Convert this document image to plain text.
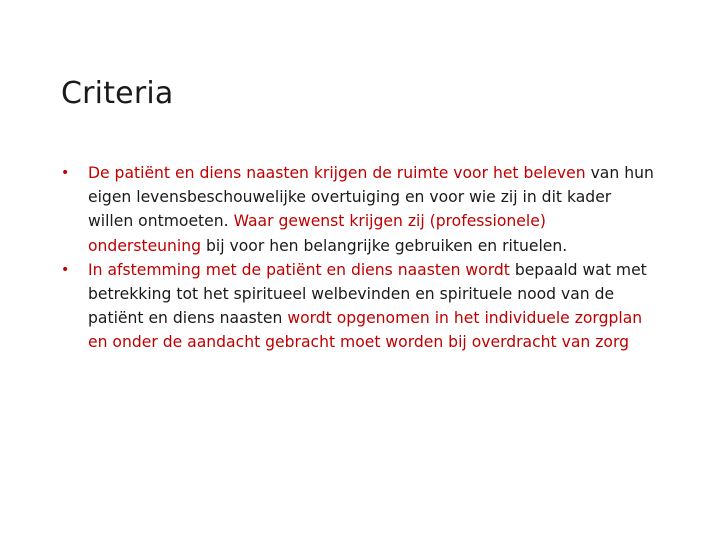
Criteria
• De patiënt en diens naasten krijgen de ruimte voor het beleven van hun eigen levensbeschouwelijke overtuiging en voor wie zij in dit kader willen ontmoeten. Waar gewenst krijgen zij (professionele) ondersteuning bij voor hen belangrijke gebruiken en rituelen.
• In afstemming met de patiënt en diens naasten wordt bepaald wat met betrekking tot het spiritueel welbevinden en spirituele nood van de patiënt en diens naasten wordt opgenomen in het individuele zorgplan en onder de aandacht gebracht moet worden bij overdracht van zorg
